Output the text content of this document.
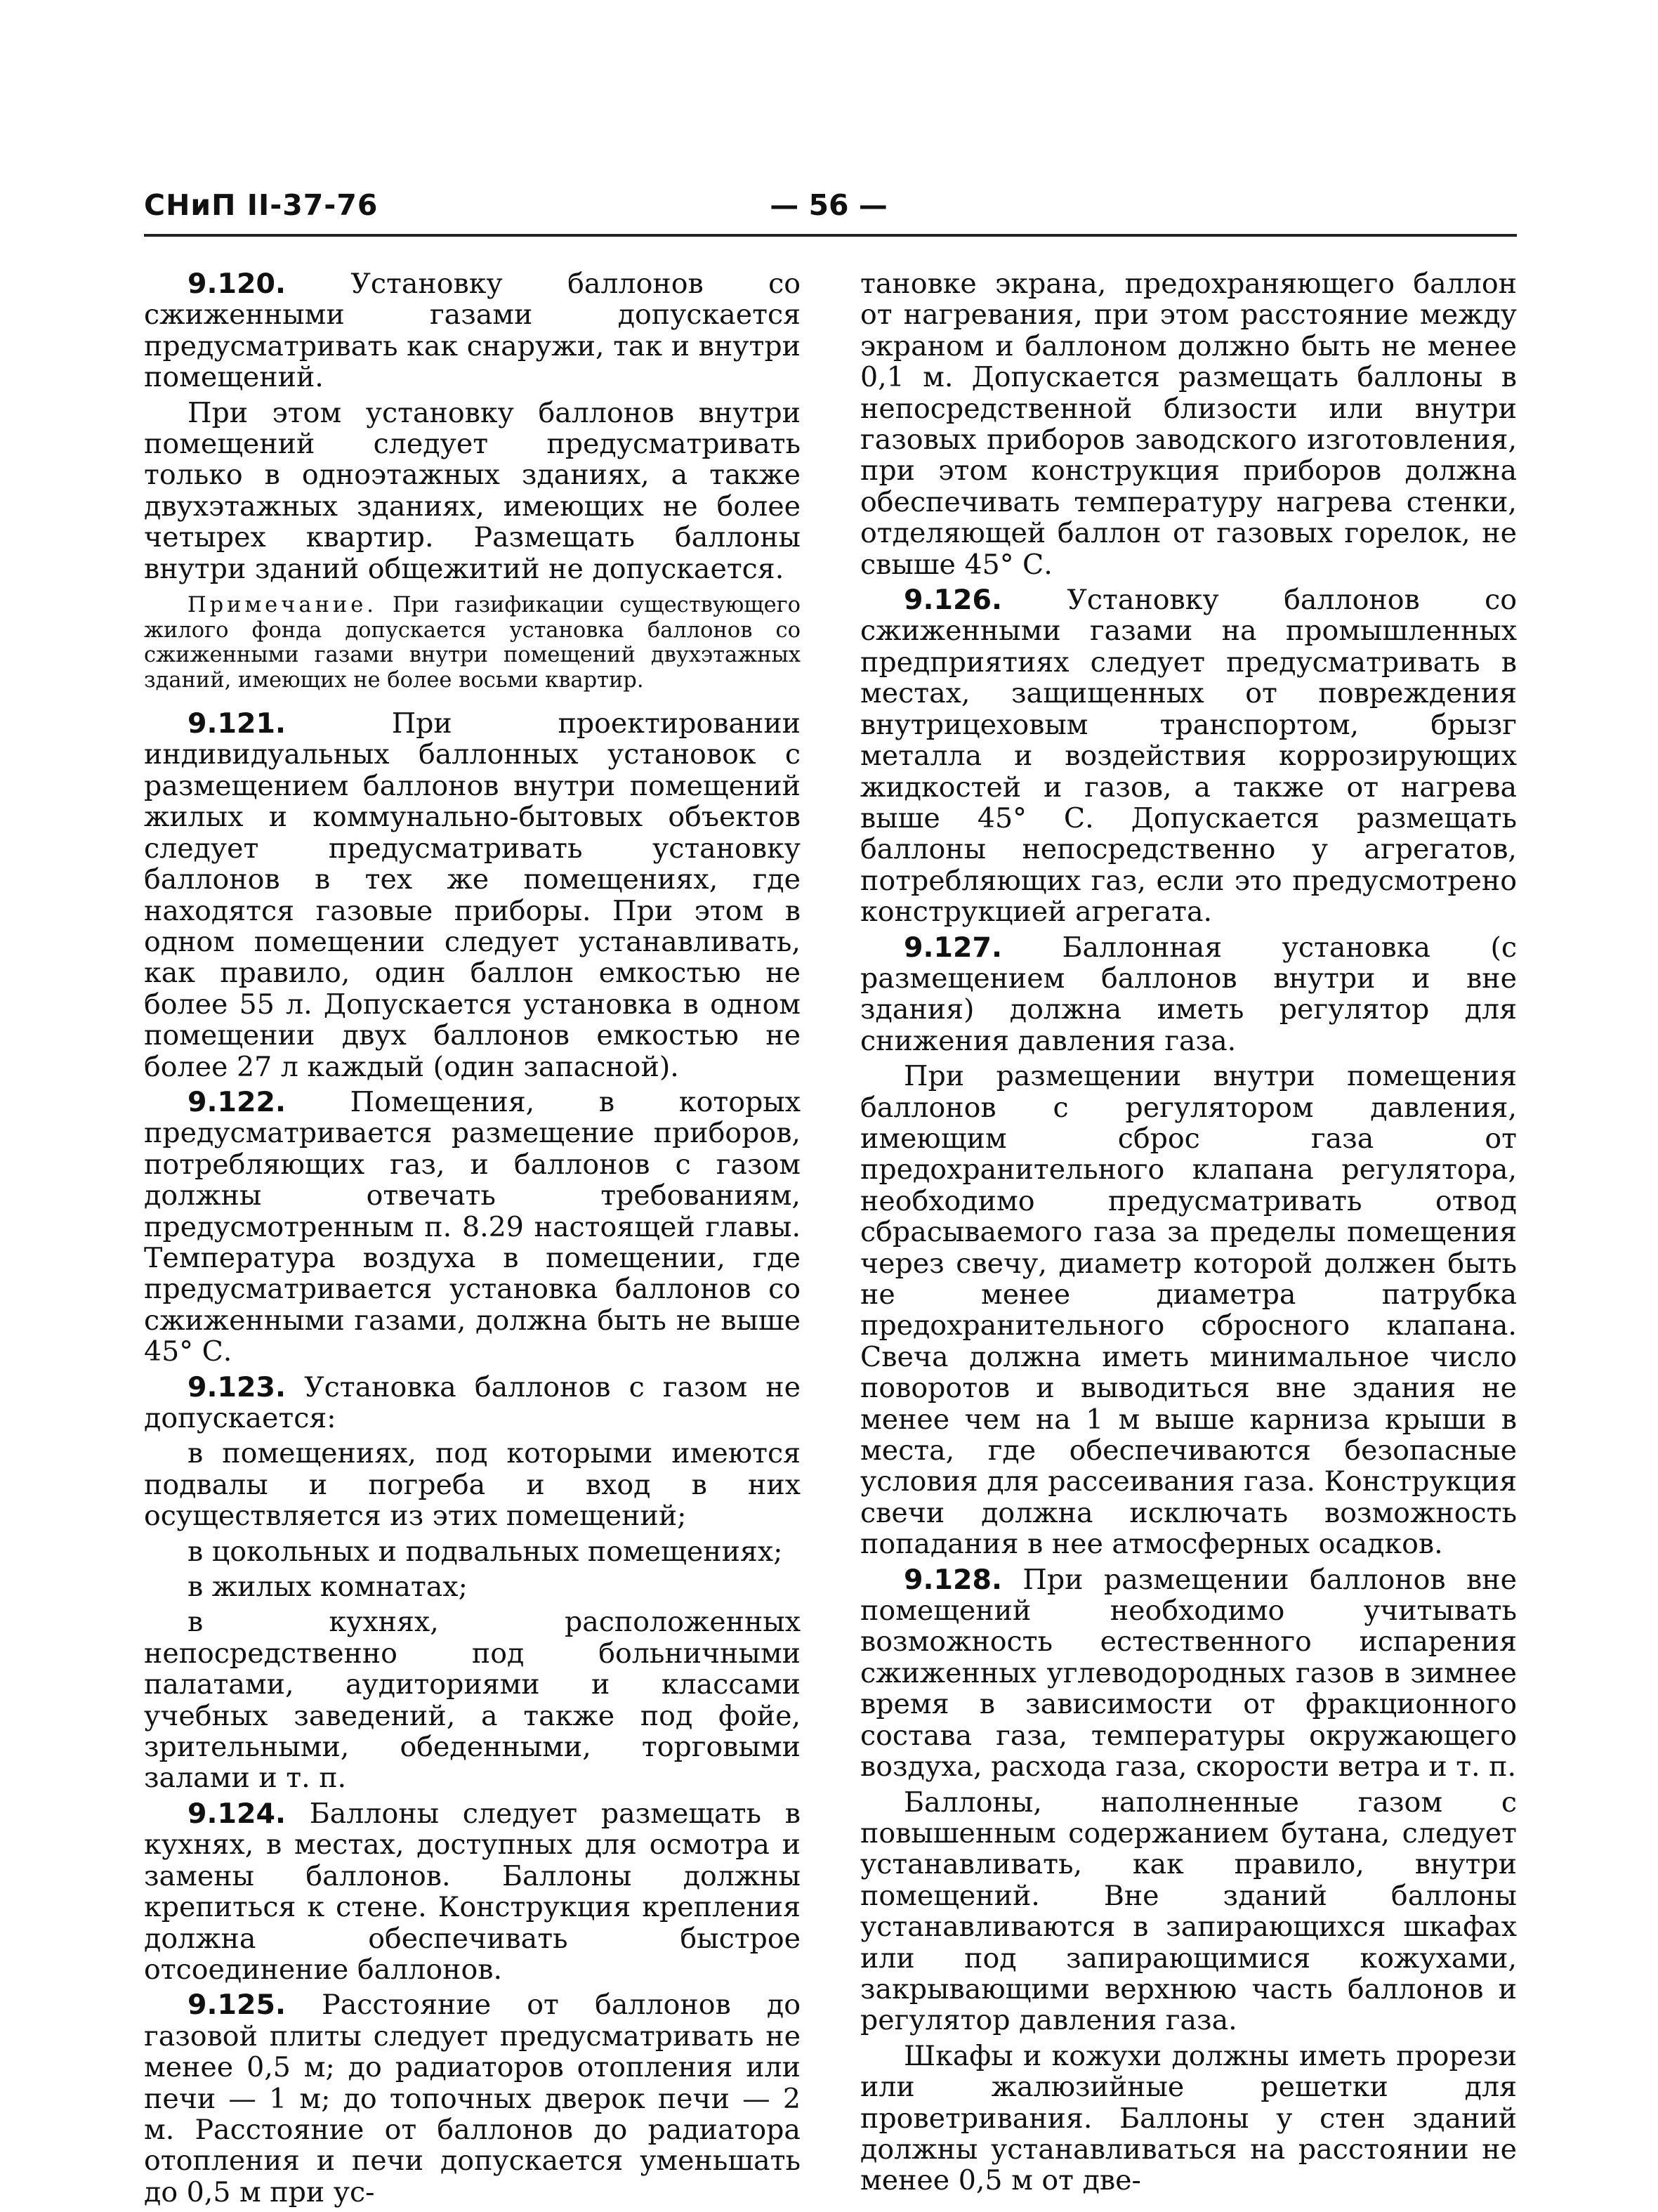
СНиП II-37-76	— 56 —

9.120. Установку баллонов со сжиженными газами допускается предусматривать как снаружи, так и внутри помещений.

При этом установку баллонов внутри помещений следует предусматривать только в одноэтажных зданиях, а также двухэтажных зданиях, имеющих не более четырех квартир. Размещать баллоны внутри зданий общежитий не допускается.

Примечание. При газификации существующего жилого фонда допускается установка баллонов со сжиженными газами внутри помещений двухэтажных зданий, имеющих не более восьми квартир.

9.121. При проектировании индивидуальных баллонных установок с размещением баллонов внутри помещений жилых и коммунально-бытовых объектов следует предусматривать установку баллонов в тех же помещениях, где находятся газовые приборы. При этом в одном помещении следует устанавливать, как правило, один баллон емкостью не более 55 л. Допускается установка в одном помещении двух баллонов емкостью не более 27 л каждый (один запасной).

9.122. Помещения, в которых предусматривается размещение приборов, потребляющих газ, и баллонов с газом должны отвечать требованиям, предусмотренным п. 8.29 настоящей главы. Температура воздуха в помещении, где предусматривается установка баллонов со сжиженными газами, должна быть не выше 45° С.

9.123. Установка баллонов с газом не допускается:

в помещениях, под которыми имеются подвалы и погреба и вход в них осуществляется из этих помещений;

в цокольных и подвальных помещениях;

в жилых комнатах;

в кухнях, расположенных непосредственно под больничными палатами, аудиториями и классами учебных заведений, а также под фойе, зрительными, обеденными, торговыми залами и т. п.

9.124. Баллоны следует размещать в кухнях, в местах, доступных для осмотра и замены баллонов. Баллоны должны крепиться к стене. Конструкция крепления должна обеспечивать быстрое отсоединение баллонов.

9.125. Расстояние от баллонов до газовой плиты следует предусматривать не менее 0,5 м; до радиаторов отопления или печи — 1 м; до топочных дверок печи — 2 м. Расстояние от баллонов до радиатора отопления и печи допускается уменьшать до 0,5 м при ус-

тановке экрана, предохраняющего баллон от нагревания, при этом расстояние между экраном и баллоном должно быть не менее 0,1 м. Допускается размещать баллоны в непосредственной близости или внутри газовых приборов заводского изготовления, при этом конструкция приборов должна обеспечивать температуру нагрева стенки, отделяющей баллон от газовых горелок, не свыше 45° С.

9.126. Установку баллонов со сжиженными газами на промышленных предприятиях следует предусматривать в местах, защищенных от повреждения внутрицеховым транспортом, брызг металла и воздействия коррозирующих жидкостей и газов, а также от нагрева выше 45° С. Допускается размещать баллоны непосредственно у агрегатов, потребляющих газ, если это предусмотрено конструкцией агрегата.

9.127. Баллонная установка (с размещением баллонов внутри и вне здания) должна иметь регулятор для снижения давления газа.

При размещении внутри помещения баллонов с регулятором давления, имеющим сброс газа от предохранительного клапана регулятора, необходимо предусматривать отвод сбрасываемого газа за пределы помещения через свечу, диаметр которой должен быть не менее диаметра патрубка предохранительного сбросного клапана. Свеча должна иметь минимальное число поворотов и выводиться вне здания не менее чем на 1 м выше карниза крыши в места, где обеспечиваются безопасные условия для рассеивания газа. Конструкция свечи должна исключать возможность попадания в нее атмосферных осадков.

9.128. При размещении баллонов вне помещений необходимо учитывать возможность естественного испарения сжиженных углеводородных газов в зимнее время в зависимости от фракционного состава газа, температуры окружающего воздуха, расхода газа, скорости ветра и т. п.

Баллоны, наполненные газом с повышенным содержанием бутана, следует устанавливать, как правило, внутри помещений. Вне зданий баллоны устанавливаются в запирающихся шкафах или под запирающимися кожухами, закрывающими верхнюю часть баллонов и регулятор давления газа.

Шкафы и кожухи должны иметь прорези или жалюзийные решетки для проветривания. Баллоны у стен зданий должны устанавливаться на расстоянии не менее 0,5 м от две-
